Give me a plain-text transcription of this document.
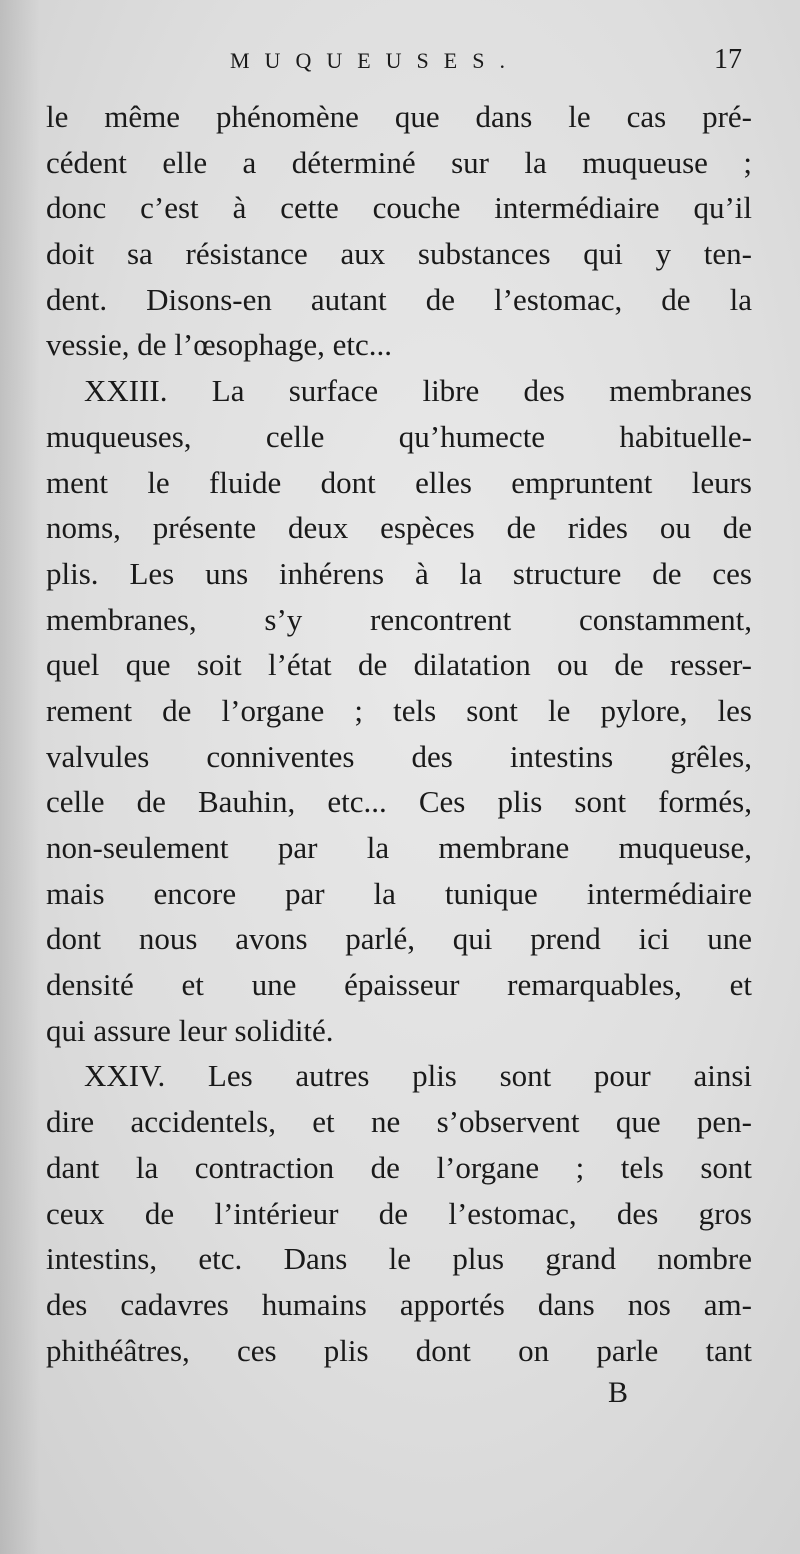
MUQUEUSES.	17
le même phénomène que dans le cas pré-
cédent elle a déterminé sur la muqueuse ;
donc c’est à cette couche intermédiaire qu’il
doit sa résistance aux substances qui y ten-
dent. Disons-en autant de l’estomac, de la
vessie, de l’œsophage, etc...
XXIII. La surface libre des membranes
muqueuses, celle qu’humecte habituelle-
ment le fluide dont elles empruntent leurs
noms, présente deux espèces de rides ou de
plis. Les uns inhérens à la structure de ces
membranes, s’y rencontrent constamment,
quel que soit l’état de dilatation ou de resser-
rement de l’organe ; tels sont le pylore, les
valvules conniventes des intestins grêles,
celle de Bauhin, etc... Ces plis sont formés,
non-seulement par la membrane muqueuse,
mais encore par la tunique intermédiaire
dont nous avons parlé, qui prend ici une
densité et une épaisseur remarquables, et
qui assure leur solidité.
XXIV. Les autres plis sont pour ainsi
dire accidentels, et ne s’observent que pen-
dant la contraction de l’organe ; tels sont
ceux de l’intérieur de l’estomac, des gros
intestins, etc. Dans le plus grand nombre
des cadavres humains apportés dans nos am-
phithéâtres, ces plis dont on parle tant
B
